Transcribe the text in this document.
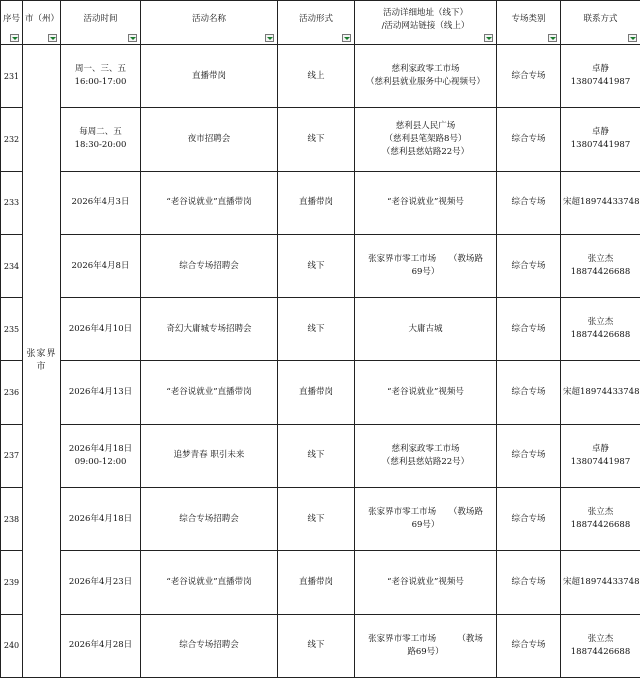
序号	市（州）	活动时间	活动名称	活动形式	活动详细地址（线下）
/活动网站链接（线上）	专场类别	联系方式

231	张家界市	周一、三、五
16:00-17:00	直播带岗	线上	慈利家政零工市场
（慈利县就业服务中心视频号）	综合专场	卓静
13807441987

232		每周二、五
18:30-20:00	夜市招聘会	线下	慈利县人民广场
（慈利县笔架路8号）
（慈利县慈姑路22号）	综合专场	卓静
13807441987

233		2026年4月3日	“老谷说就业”直播带岗	直播带岗	“老谷说就业”视频号	综合专场	宋超18974433748

234		2026年4月8日	综合专场招聘会	线下	张家界市零工市场　　（教场路
69号）	综合专场	张立杰
18874426688

235		2026年4月10日	奇幻大庸城专场招聘会	线下	大庸古城	综合专场	张立杰
18874426688

236		2026年4月13日	“老谷说就业”直播带岗	直播带岗	“老谷说就业”视频号	综合专场	宋超18974433748

237		2026年4月18日
09:00-12:00	追梦青春 职引未来	线下	慈利家政零工市场
（慈利县慈姑路22号）	综合专场	卓静
13807441987

238		2026年4月18日	综合专场招聘会	线下	张家界市零工市场　　（教场路
69号）	综合专场	张立杰
18874426688

239		2026年4月23日	“老谷说就业”直播带岗	直播带岗	“老谷说就业”视频号	综合专场	宋超18974433748

240		2026年4月28日	综合专场招聘会	线下	张家界市零工市场　　　（教场
路69号）	综合专场	张立杰
18874426688
